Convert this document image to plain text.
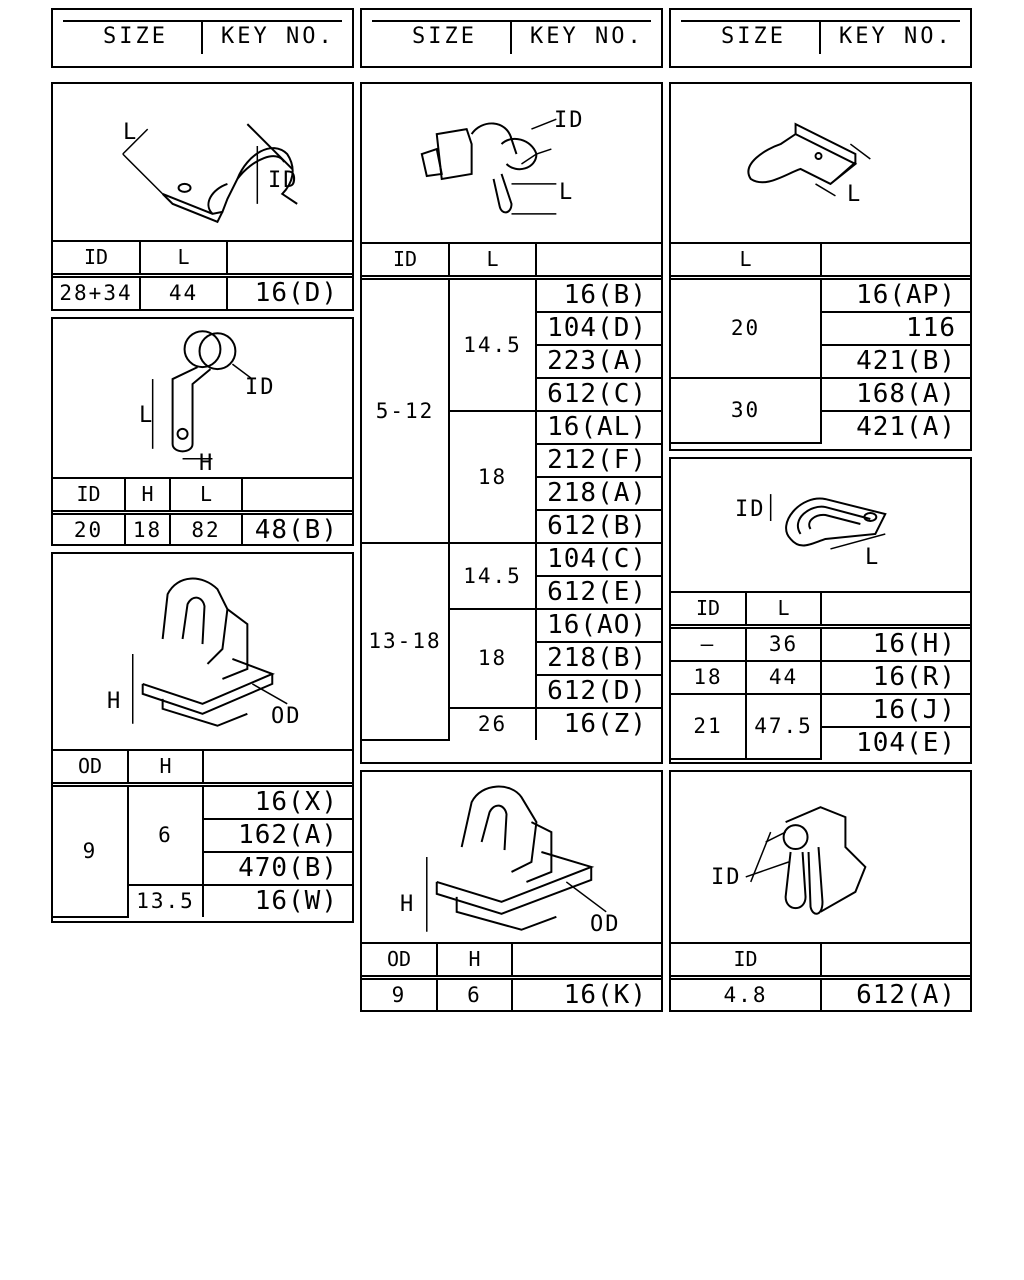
SIZE KEY NO.	SIZE KEY NO.	SIZE KEY NO.
L
ID
ID	L	
28+34	44	16(D)
L
H
ID
ID	H	L	
20	18	82	48(B)
H
OD
OD	H	
9	6	16(X)
		162(A)
		470(B)
	13.5	16(W)
ID
L
ID	L	
5-12	14.5	16(B)
		104(D)
		223(A)
		612(C)
	18	16(AL)
		212(F)
		218(A)
		612(B)
13-18	14.5	104(C)
		612(E)
	18	16(AO)
		218(B)
		612(D)
	26	16(Z)
H
OD
OD	H	
9	6	16(K)
L
L	
20	16(AP)
	116
	421(B)
30	168(A)
	421(A)
ID
L
ID	L	
—	36	16(H)
18	44	16(R)
21	47.5	16(J)
		104(E)
ID
ID	
4.8	612(A)
